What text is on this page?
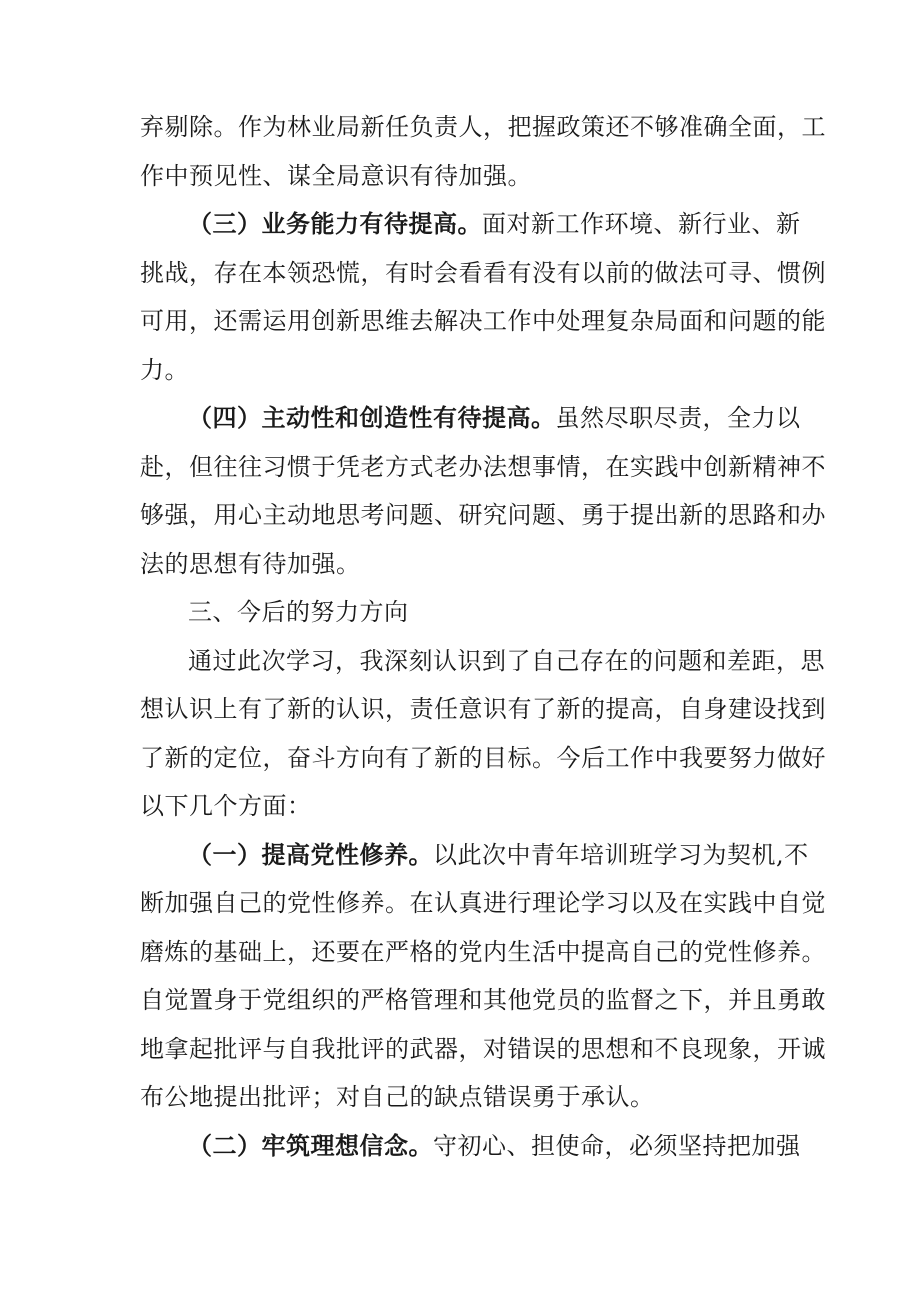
弃剔除。作为林业局新任负责人，把握政策还不够准确全面，工
作中预见性、谋全局意识有待加强。
（三）业务能力有待提高。面对新工作环境、新行业、新
挑战，存在本领恐慌，有时会看看有没有以前的做法可寻、惯例
可用，还需运用创新思维去解决工作中处理复杂局面和问题的能
力。
（四）主动性和创造性有待提高。虽然尽职尽责，全力以
赴，但往往习惯于凭老方式老办法想事情，在实践中创新精神不
够强，用心主动地思考问题、研究问题、勇于提出新的思路和办
法的思想有待加强。
三、今后的努力方向
通过此次学习，我深刻认识到了自己存在的问题和差距，思
想认识上有了新的认识，责任意识有了新的提高，自身建设找到
了新的定位，奋斗方向有了新的目标。今后工作中我要努力做好
以下几个方面：
（一）提高党性修养。以此次中青年培训班学习为契机,不
断加强自己的党性修养。在认真进行理论学习以及在实践中自觉
磨炼的基础上，还要在严格的党内生活中提高自己的党性修养。
自觉置身于党组织的严格管理和其他党员的监督之下，并且勇敢
地拿起批评与自我批评的武器，对错误的思想和不良现象，开诚
布公地提出批评；对自己的缺点错误勇于承认。
（二）牢筑理想信念。守初心、担使命，必须坚持把加强
